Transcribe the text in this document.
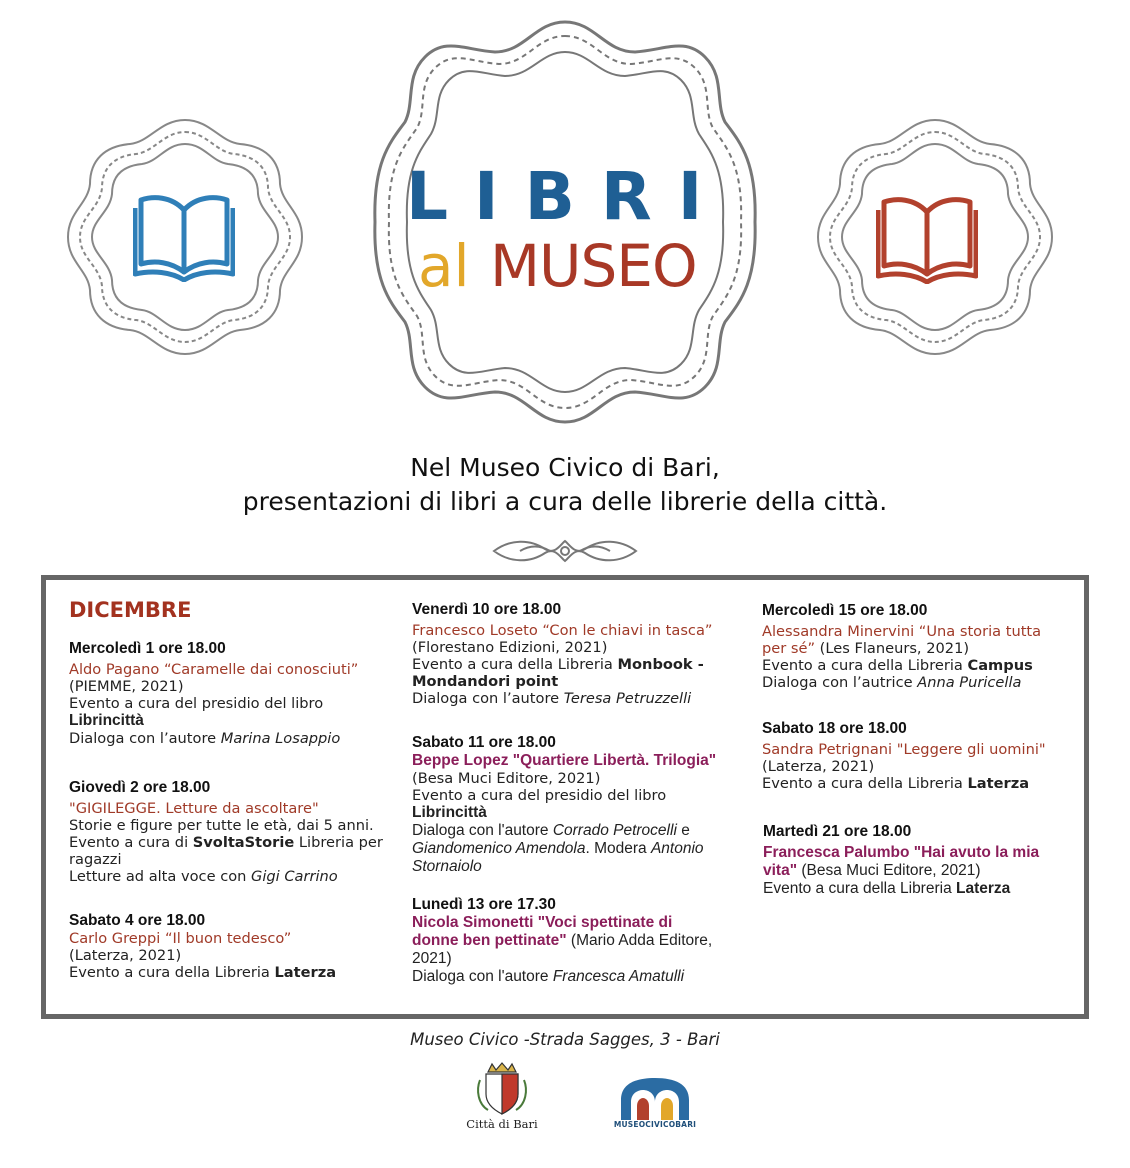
LIBRI
al MUSEO
Nel Museo Civico di Bari,
presentazioni di libri a cura delle librerie della città.
DICEMBRE
Mercoledì 1 ore 18.00
Aldo Pagano “Caramelle dai conosciuti”
(PIEMME, 2021)
Evento a cura del presidio del libro
Librincittà
Dialoga con l’autore Marina Losappio
Giovedì 2 ore 18.00
"GIGILEGGE. Letture da ascoltare"
Storie e figure per tutte le età, dai 5 anni.
Evento a cura di SvoltaStorie Libreria per
ragazzi
Letture ad alta voce con Gigi Carrino
Sabato 4 ore 18.00
Carlo Greppi “Il buon tedesco”
(Laterza, 2021)
Evento a cura della Libreria Laterza
Venerdì 10 ore 18.00
Francesco Loseto “Con le chiavi in tasca”
(Florestano Edizioni, 2021)
Evento a cura della Libreria Monbook -
Mondandori point
Dialoga con l’autore Teresa Petruzzelli
Sabato 11 ore 18.00
Beppe Lopez "Quartiere Libertà. Trilogia"
(Besa Muci Editore, 2021)
Evento a cura del presidio del libro
Librincittà
Dialoga con l'autore Corrado Petrocelli e
Giandomenico Amendola. Modera Antonio
Stornaiolo
Lunedì 13 ore 17.30
Nicola Simonetti "Voci spettinate di
donne ben pettinate" (Mario Adda Editore,
2021)
Dialoga con l'autore Francesca Amatulli
Mercoledì 15 ore 18.00
Alessandra Minervini “Una storia tutta
per sé” (Les Flaneurs, 2021)
Evento a cura della Libreria Campus
Dialoga con l’autrice Anna Puricella
Sabato 18 ore 18.00
Sandra Petrignani "Leggere gli uomini"
(Laterza, 2021)
Evento a cura della Libreria Laterza
Martedì 21 ore 18.00
Francesca Palumbo "Hai avuto la mia
vita" (Besa Muci Editore, 2021)
Evento a cura della Libreria Laterza
Museo Civico -Strada Sagges, 3 - Bari
Città di Bari	MUSEOCIVICOBARI
